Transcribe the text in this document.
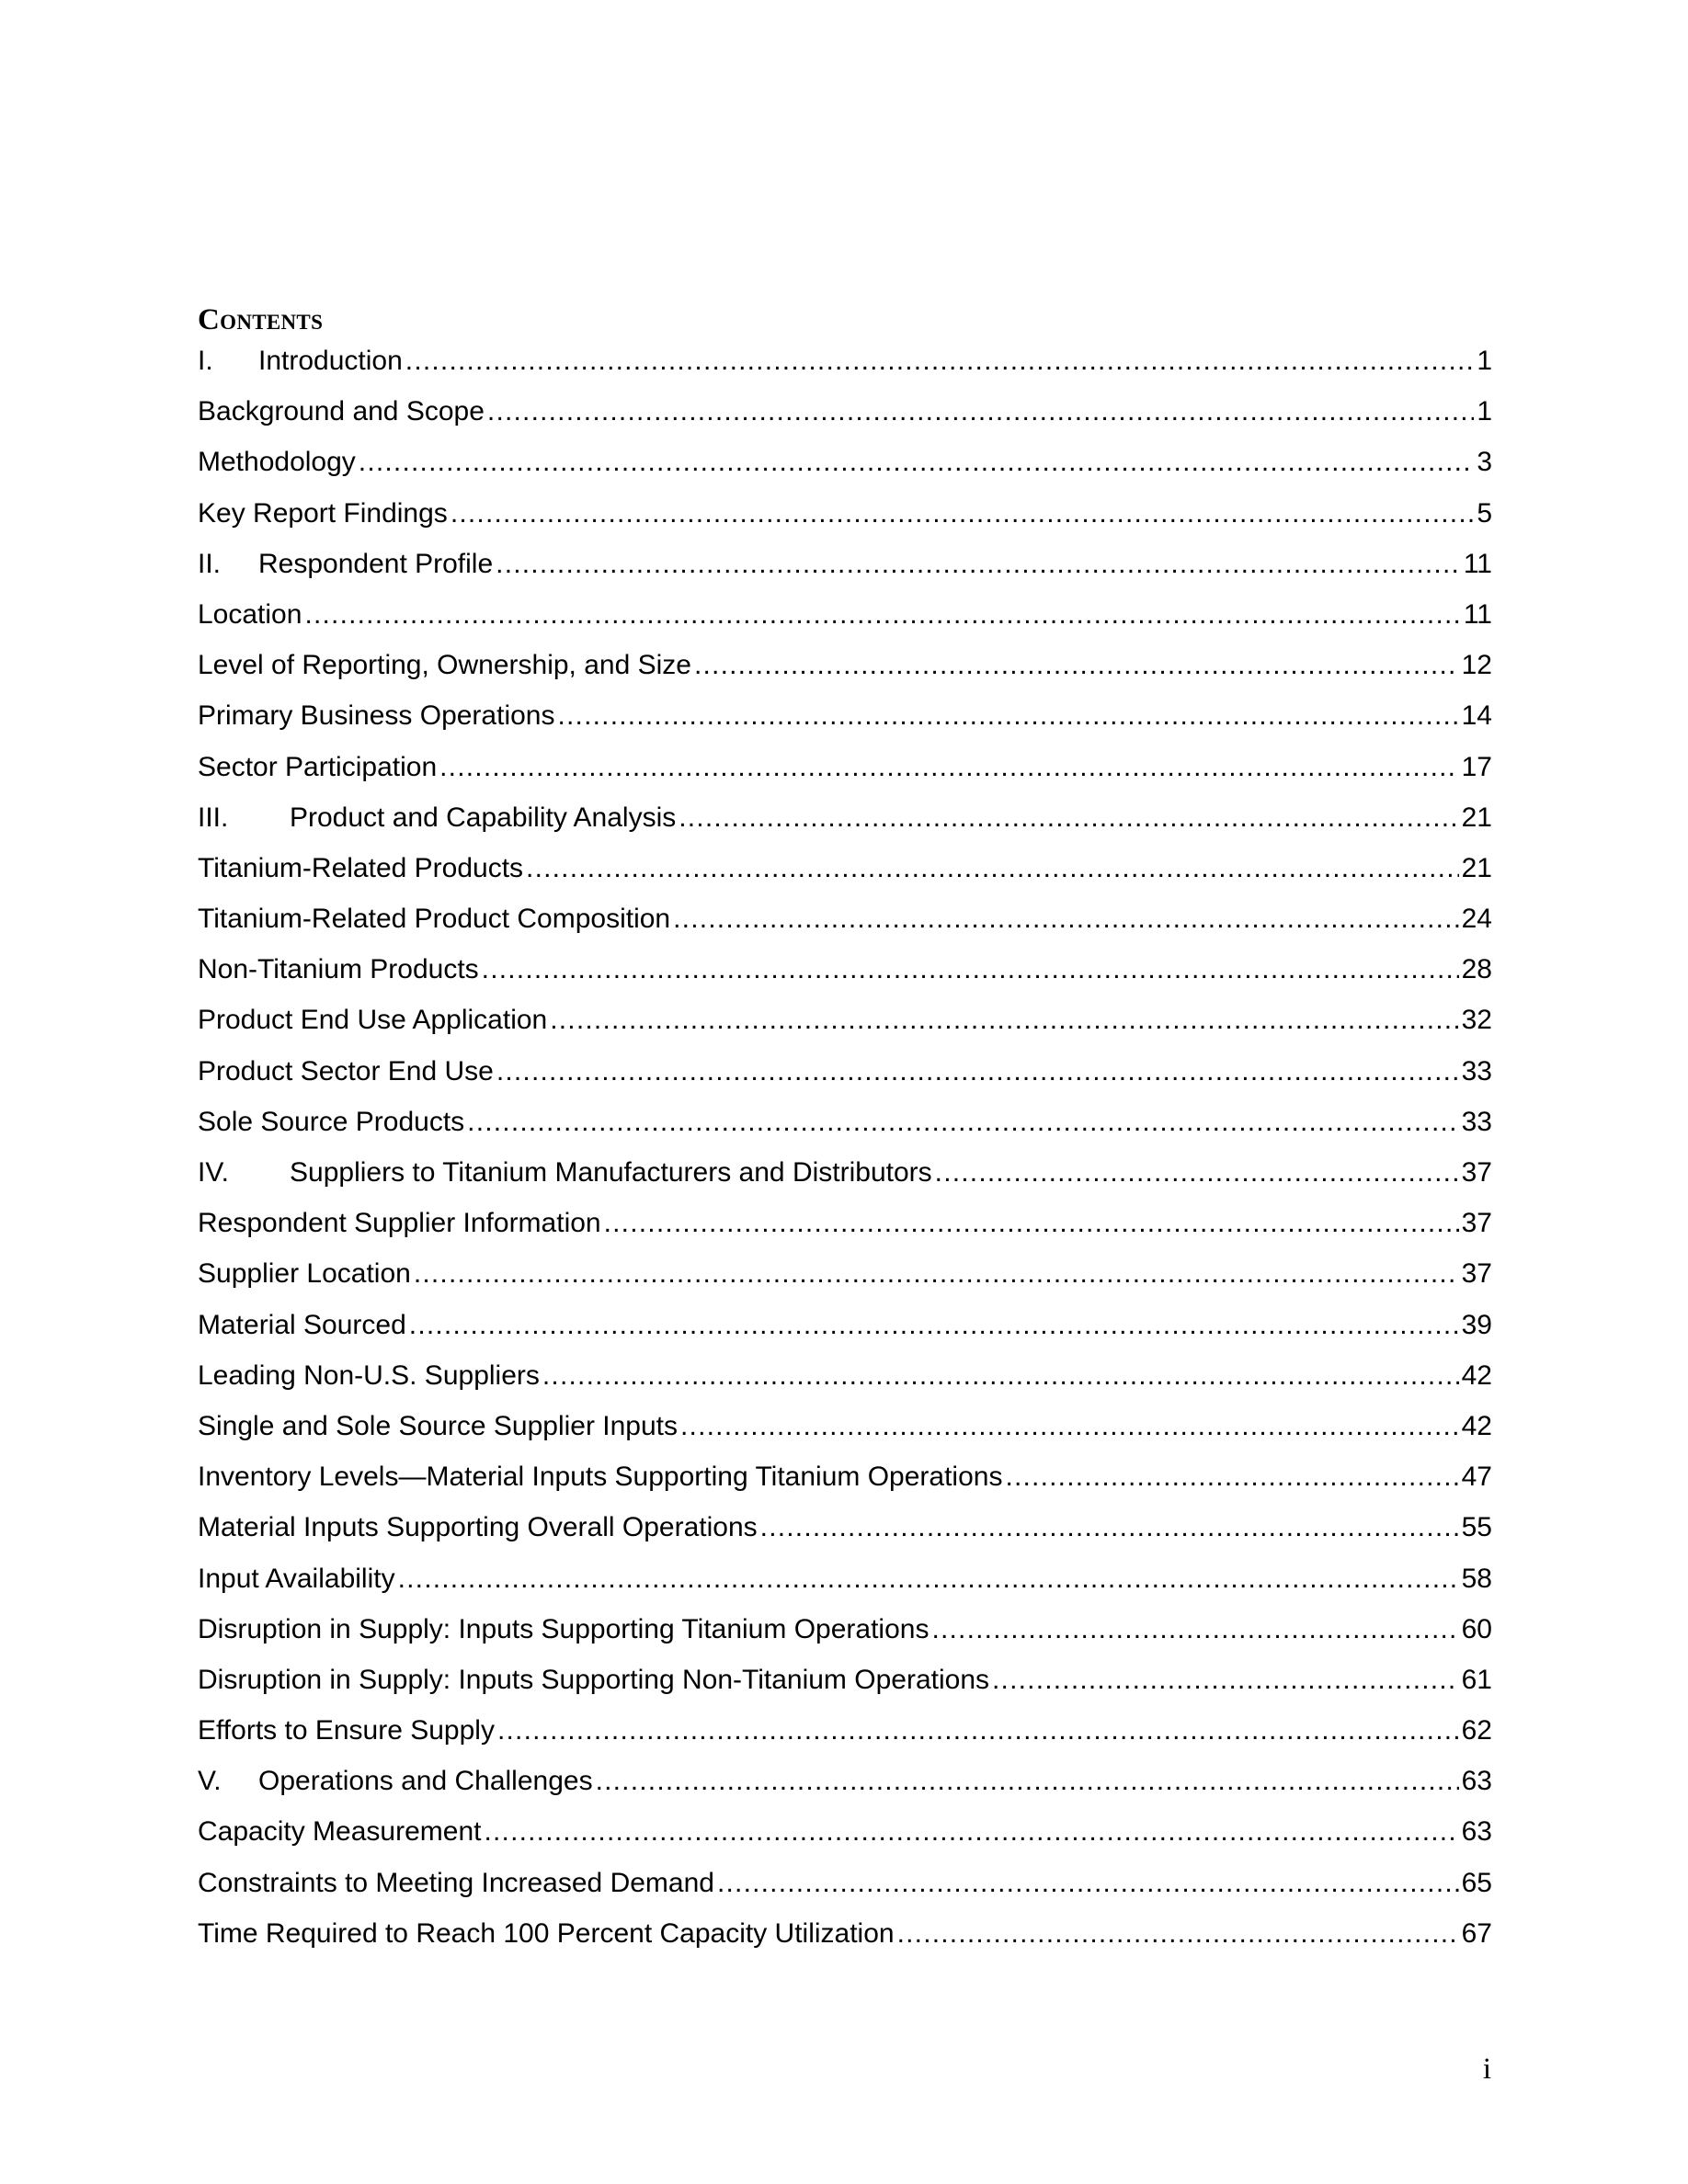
Contents
I.	Introduction .....	1
Background and Scope .....	1
Methodology .....	3
Key Report Findings .....	5
II.	Respondent Profile .....	11
Location .....	11
Level of Reporting, Ownership, and Size .....	12
Primary Business Operations .....	14
Sector Participation .....	17
III.	Product and Capability Analysis .....	21
Titanium-Related Products .....	21
Titanium-Related Product Composition .....	24
Non-Titanium Products .....	28
Product End Use Application .....	32
Product Sector End Use .....	33
Sole Source Products .....	33
IV.	Suppliers to Titanium Manufacturers and Distributors .....	37
Respondent Supplier Information .....	37
Supplier Location .....	37
Material Sourced .....	39
Leading Non-U.S. Suppliers .....	42
Single and Sole Source Supplier Inputs .....	42
Inventory Levels—Material Inputs Supporting Titanium Operations .....	47
Material Inputs Supporting Overall Operations .....	55
Input Availability .....	58
Disruption in Supply: Inputs Supporting Titanium Operations .....	60
Disruption in Supply: Inputs Supporting Non-Titanium Operations .....	61
Efforts to Ensure Supply .....	62
V.	Operations and Challenges .....	63
Capacity Measurement .....	63
Constraints to Meeting Increased Demand .....	65
Time Required to Reach 100 Percent Capacity Utilization .....	67
i
